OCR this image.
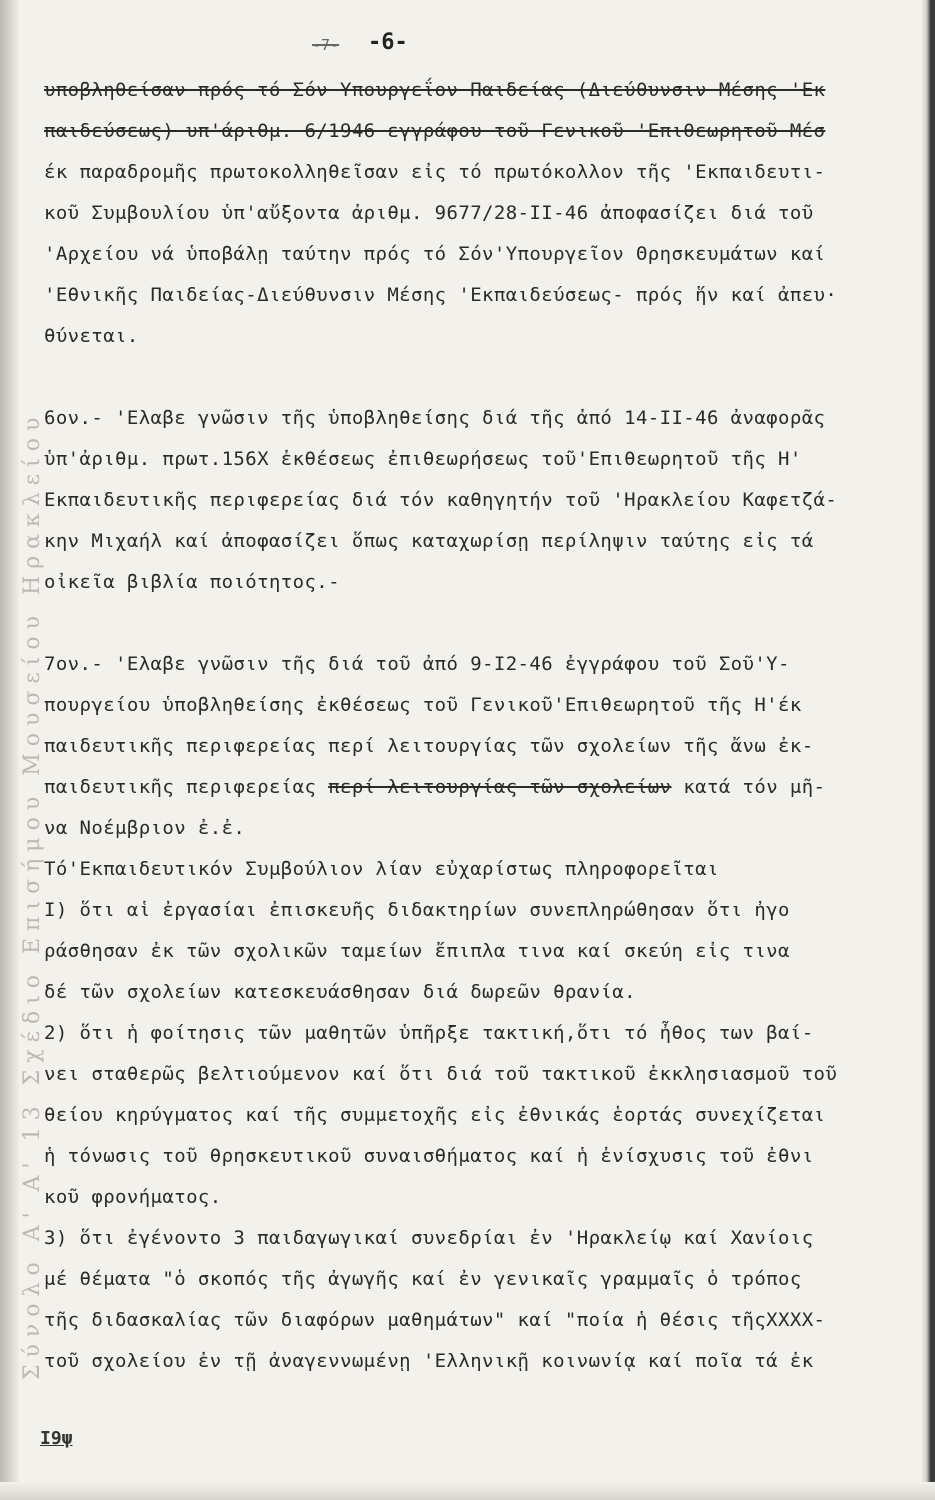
Σύνολο Α' Α' 13 Σχέδιο Επισήμου Μουσείου Ηρακλείου
-7- -6-
υποβληθείσαν πρός τό Σόν Υπουργεΐον Παιδείας (Διεύθυνσιν Μέσης 'Εκ
παιδεύσεως) υπ'άριθμ. 6/1946 εγγράφου τοῦ Γενικοῦ 'Επιθεωρητοῦ Μέσ
έκ παραδρομῆς πρωτοκολληθεῖσαν εἰς τό πρωτόκολλον τῆς 'Εκπαιδευτι-
κοῦ Συμβουλίου ὑπ'αὔξοντα ἀριθμ. 9677/28-II-46 ἀποφασίζει διά τοῦ
'Αρχείου νά ὑποβάλῃ ταύτην πρός τό Σόν'Υπουργεῖον Θρησκευμάτων καί
'Εθνικῆς Παιδείας-Διεύθυνσιν Μέσης 'Εκπαιδεύσεως- πρός ἥν καί ἀπευ·
θύνεται.
6ον.- 'Ελαβε γνῶσιν τῆς ὑποβληθείσης διά τῆς ἀπό 14-II-46 ἀναφορᾶς
ὑπ'ἀριθμ. πρωτ.156Χ ἐκθέσεως ἐπιθεωρήσεως τοῦ'Επιθεωρητοῦ τῆς Η'
Εκπαιδευτικῆς περιφερείας διά τόν καθηγητήν τοῦ 'Ηρακλείου Καφετζά-
κην Μιχαήλ καί ἀποφασίζει ὅπως καταχωρίσῃ περίληψιν ταύτης εἰς τά
οἰκεῖα βιβλία ποιότητος.-
7ον.- 'Ελαβε γνῶσιν τῆς διά τοῦ ἀπό 9-I2-46 ἐγγράφου τοῦ Σοῦ'Υ-
πουργείου ὑποβληθείσης ἐκθέσεως τοῦ Γενικοῦ'Επιθεωρητοῦ τῆς Η'έκ
παιδευτικῆς περιφερείας περί λειτουργίας τῶν σχολείων τῆς ἄνω ἐκ-
παιδευτικῆς περιφερείας περί λειτουργίας τῶν σχολείων κατά τόν μῆ-
να Νοέμβριον ἐ.ἐ.
Τό'Εκπαιδευτικόν Συμβούλιον λίαν εὐχαρίστως πληροφορεῖται
I) ὅτι αἱ ἐργασίαι ἐπισκευῆς διδακτηρίων συνεπληρώθησαν ὅτι ἠγο
ράσθησαν ἐκ τῶν σχολικῶν ταμείων ἔπιπλα τινα καί σκεύη εἰς τινα
δέ τῶν σχολείων κατεσκευάσθησαν διά δωρεῶν θρανία.
2) ὅτι ἡ φοίτησις τῶν μαθητῶν ὑπῆρξε τακτική,ὅτι τό ἦθος των βαί-
νει σταθερῶς βελτιούμενον καί ὅτι διά τοῦ τακτικοῦ ἐκκλησιασμοῦ τοῦ
θείου κηρύγματος καί τῆς συμμετοχῆς εἰς ἐθνικάς ἑορτάς συνεχίζεται
ἡ τόνωσις τοῦ θρησκευτικοῦ συναισθήματος καί ἡ ἐνίσχυσις τοῦ ἐθνι
κοῦ φρονήματος.
3) ὅτι ἐγένοντο 3 παιδαγωγικαί συνεδρίαι ἐν 'Ηρακλείῳ καί Χανίοις
μέ θέματα "ὁ σκοπός τῆς ἀγωγῆς καί ἐν γενικαῖς γραμμαῖς ὁ τρόπος
τῆς διδασκαλίας τῶν διαφόρων μαθημάτων" καί "ποία ἡ θέσις τῆςXXXX-
τοῦ σχολείου ἐν τῇ ἀναγεννωμένῃ 'Ελληνικῇ κοινωνίᾳ καί ποῖα τά ἐκ
I9ψ
